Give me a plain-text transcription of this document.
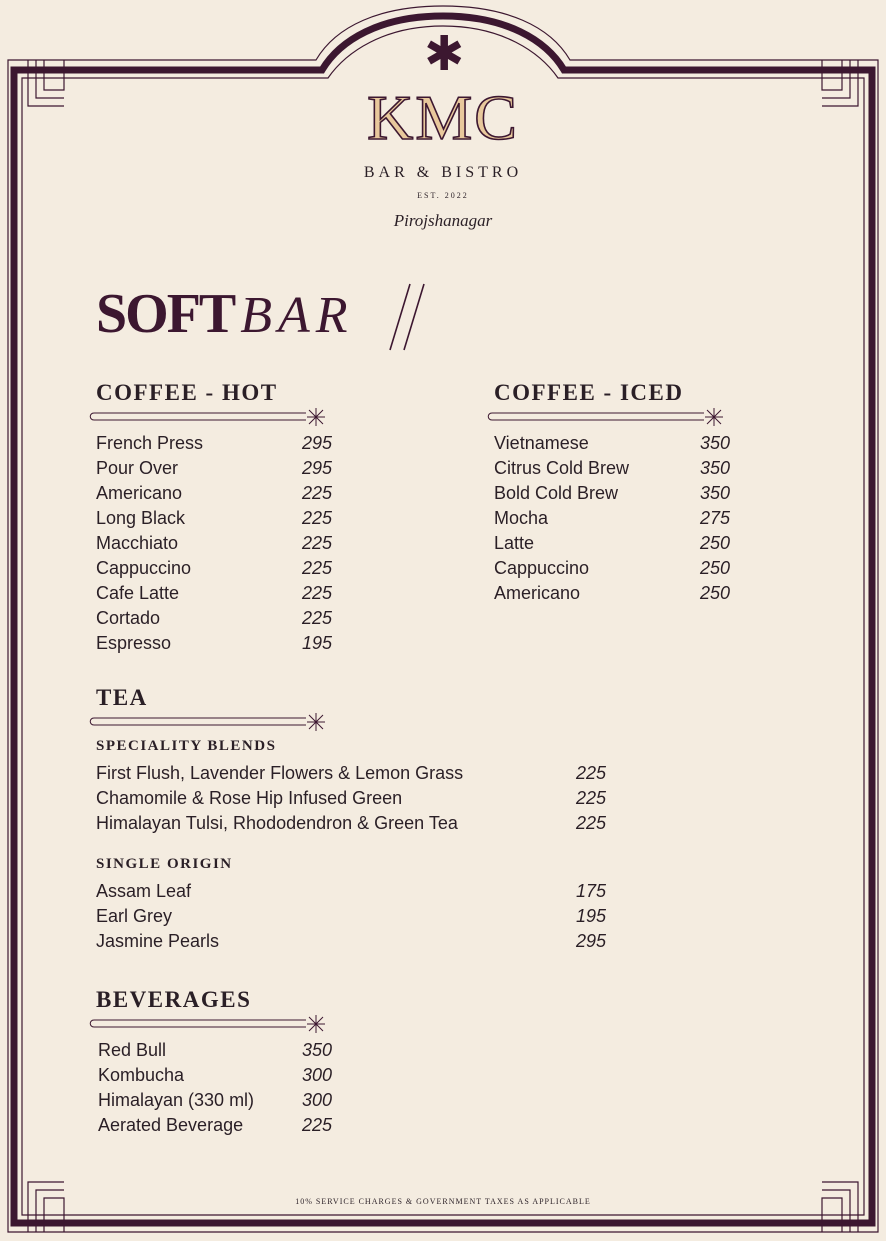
✱
KMC
BAR & BISTRO
EST. 2022
Pirojshanagar
SOFT BAR
COFFEE - HOT
French Press	295
Pour Over	295
Americano	225
Long Black	225
Macchiato	225
Cappuccino	225
Cafe Latte	225
Cortado	225
Espresso	195
COFFEE - ICED
Vietnamese	350
Citrus Cold Brew	350
Bold Cold Brew	350
Mocha	275
Latte	250
Cappuccino	250
Americano	250
TEA
SPECIALITY BLENDS
First Flush, Lavender Flowers & Lemon Grass	225
Chamomile & Rose Hip Infused Green	225
Himalayan Tulsi, Rhododendron & Green Tea	225
SINGLE ORIGIN
Assam Leaf	175
Earl Grey	195
Jasmine Pearls	295
BEVERAGES
Red Bull	350
Kombucha	300
Himalayan (330 ml)	300
Aerated Beverage	225
10% SERVICE CHARGES & GOVERNMENT TAXES AS APPLICABLE
